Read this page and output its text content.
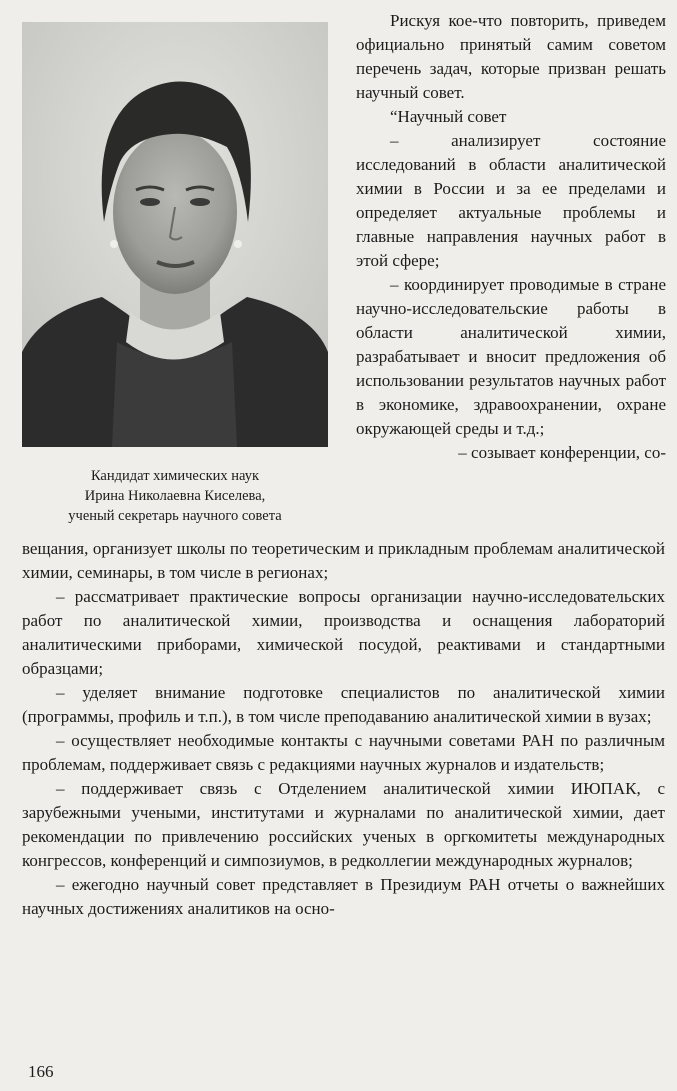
Кандидат химических наук
Ирина Николаевна Киселева,
ученый секретарь научного совета

Рискуя кое-что повторить, приведем официально принятый самим советом перечень задач, которые призван решать научный совет.

“Научный совет

– анализирует состояние исследований в области аналитической химии в России и за ее пределами и определяет актуальные проблемы и главные направления научных работ в этой сфере;

– координирует проводимые в стране научно-исследовательские работы в области аналитической химии, разрабатывает и вносит предложения об использовании результатов научных работ в экономике, здравоохранении, охране окружающей среды и т.д.;

– созывает конференции, со-

вещания, организует школы по теоретическим и прикладным проблемам аналитической химии, семинары, в том числе в регионах;

– рассматривает практические вопросы организации научно-исследовательских работ по аналитической химии, производства и оснащения лабораторий аналитическими приборами, химической посудой, реактивами и стандартными образцами;

– уделяет внимание подготовке специалистов по аналитической химии (программы, профиль и т.п.), в том числе преподаванию аналитической химии в вузах;

– осуществляет необходимые контакты с научными советами РАН по различным проблемам, поддерживает связь с редакциями научных журналов и издательств;

– поддерживает связь с Отделением аналитической химии ИЮПАК, с зарубежными учеными, институтами и журналами по аналитической химии, дает рекомендации по привлечению российских ученых в оргкомитеты международных конгрессов, конференций и симпозиумов, в редколлегии международных журналов;

– ежегодно научный совет представляет в Президиум РАН отчеты о важнейших научных достижениях аналитиков на осно-

166
